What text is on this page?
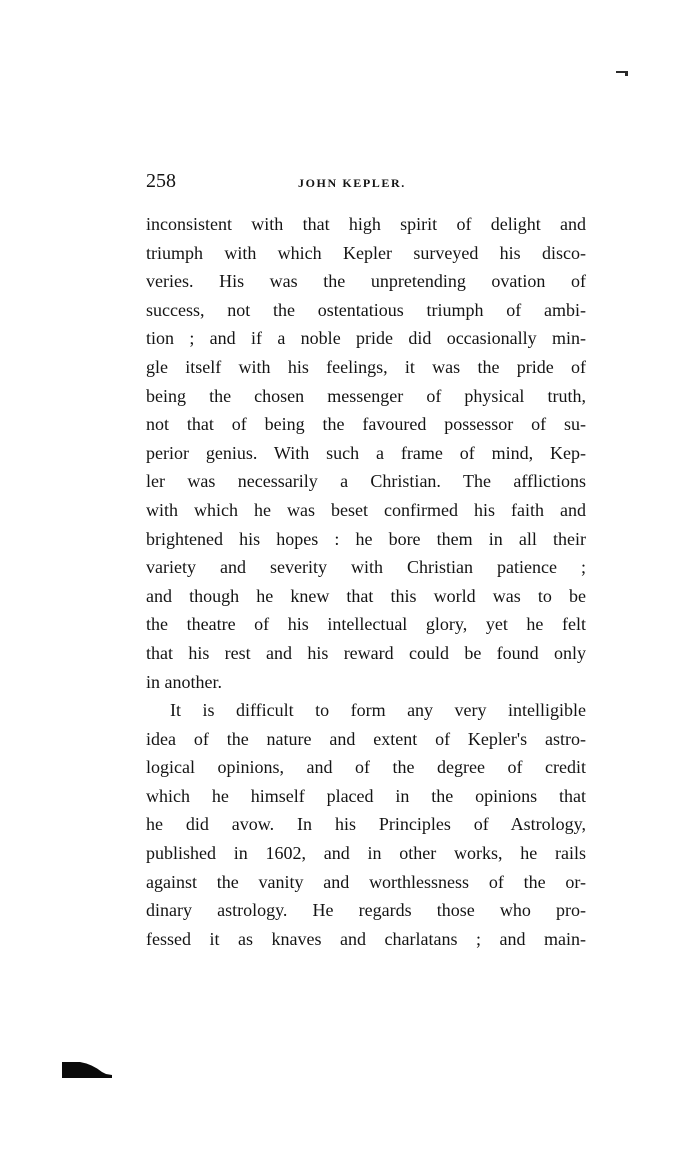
258	JOHN KEPLER.
inconsistent with that high spirit of delight and
triumph with which Kepler surveyed his disco-
veries. His was the unpretending ovation of
success, not the ostentatious triumph of ambi-
tion ; and if a noble pride did occasionally min-
gle itself with his feelings, it was the pride of
being the chosen messenger of physical truth,
not that of being the favoured possessor of su-
perior genius. With such a frame of mind, Kep-
ler was necessarily a Christian. The afflictions
with which he was beset confirmed his faith and
brightened his hopes : he bore them in all their
variety and severity with Christian patience ;
and though he knew that this world was to be
the theatre of his intellectual glory, yet he felt
that his rest and his reward could be found only
in another.
It is difficult to form any very intelligible
idea of the nature and extent of Kepler's astro-
logical opinions, and of the degree of credit
which he himself placed in the opinions that
he did avow. In his Principles of Astrology,
published in 1602, and in other works, he rails
against the vanity and worthlessness of the or-
dinary astrology. He regards those who pro-
fessed it as knaves and charlatans ; and main-
